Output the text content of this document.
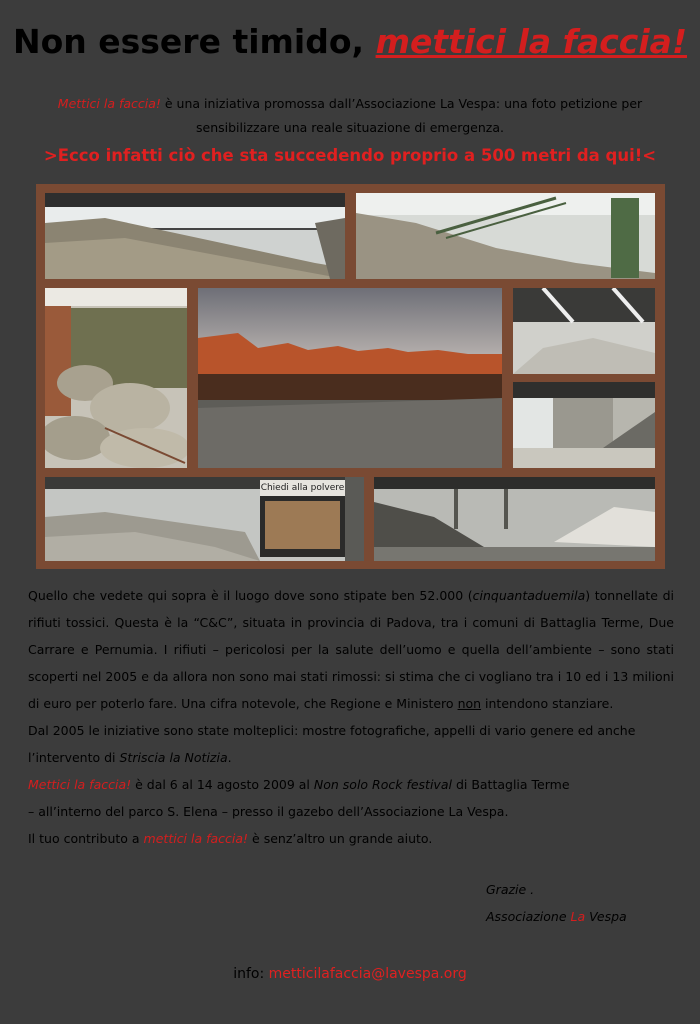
Non essere timido, mettici la faccia!
Mettici la faccia! è una iniziativa promossa dall’Associazione La Vespa: una foto petizione per sensibilizzare una reale situazione di emergenza.
>Ecco infatti ciò che sta succedendo proprio a 500 metri da qui!<
Chiedi alla polvere

Quello che vedete qui sopra è il luogo dove sono stipate ben 52.000 (cinquantaduemila) tonnellate di rifiuti tossici. Questa è la “C&C”, situata in provincia di Padova, tra i comuni di Battaglia Terme, Due Carrare e Pernumia. I rifiuti – pericolosi per la salute dell’uomo e quella dell’ambiente – sono stati scoperti nel 2005 e da allora non sono mai stati rimossi: si stima che ci vogliano tra i 10 ed i 13 milioni di euro per poterlo fare. Una cifra notevole, che Regione e Ministero non intendono stanziare.

Dal 2005 le iniziative sono state molteplici: mostre fotografiche, appelli di vario genere ed anche l’intervento di Striscia la Notizia.

Mettici la faccia! è dal 6 al 14 agosto 2009 al Non solo Rock festival di Battaglia Terme

– all’interno del parco S. Elena – presso il gazebo dell’Associazione La Vespa.

Il tuo contributo a mettici la faccia! è senz’altro un grande aiuto.

Grazie .
Associazione La Vespa
info: metticilafaccia@lavespa.org
